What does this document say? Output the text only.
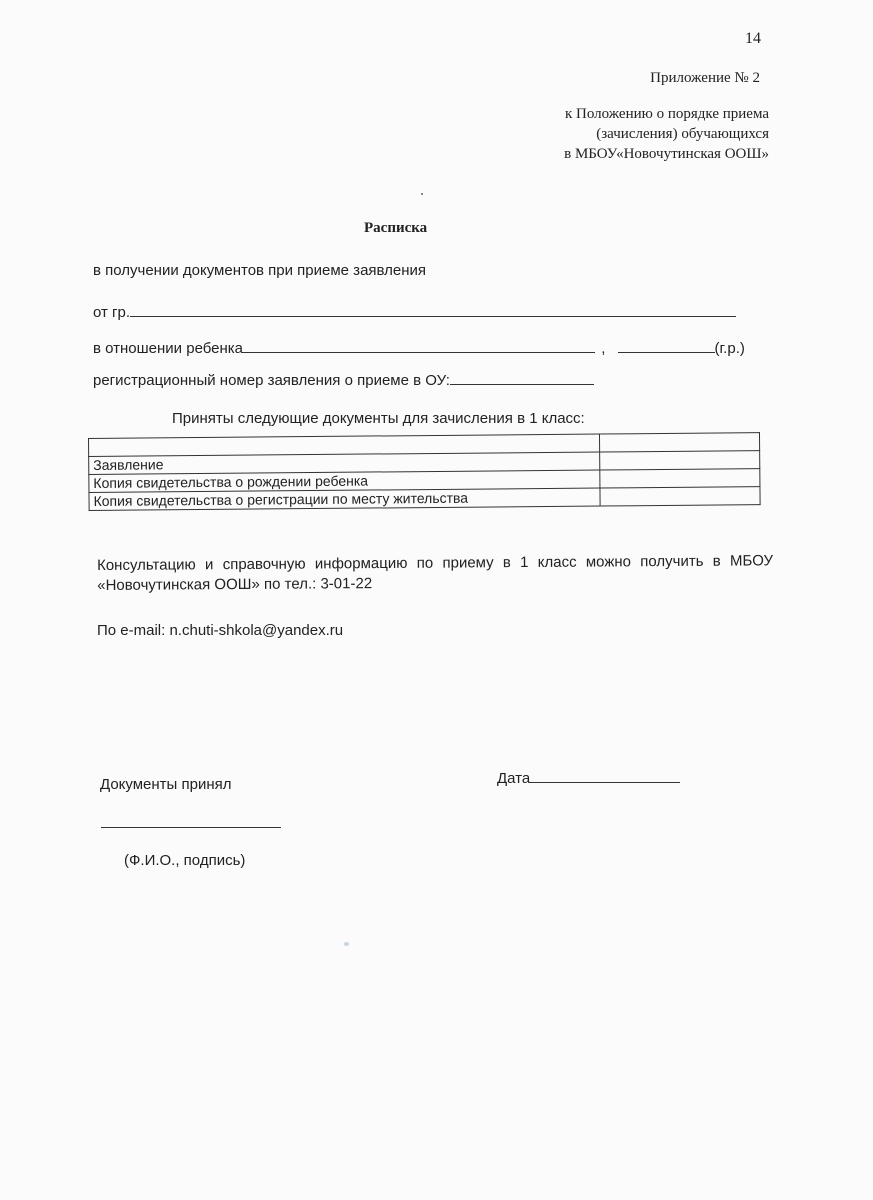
14
Приложение № 2
к Положению о порядке приема
(зачисления) обучающихся
в МБОУ«Новочутинская ООШ»
Расписка
в получении документов при приеме заявления
от гр.
в отношении ребенка	,	(г.р.)
регистрационный номер заявления о приеме в ОУ:
Приняты следующие документы для зачисления в 1 класс:

Заявление	
Копия свидетельства о рождении ребенка	
Копия свидетельства о регистрации по месту жительства	
Консультацию и справочную информацию по приему в 1 класс можно получить в МБОУ
«Новочутинская ООШ» по тел.: 3-01-22
По e-mail: n.chuti-shkola@yandex.ru
Документы принял	Дата
(Ф.И.О., подпись)
